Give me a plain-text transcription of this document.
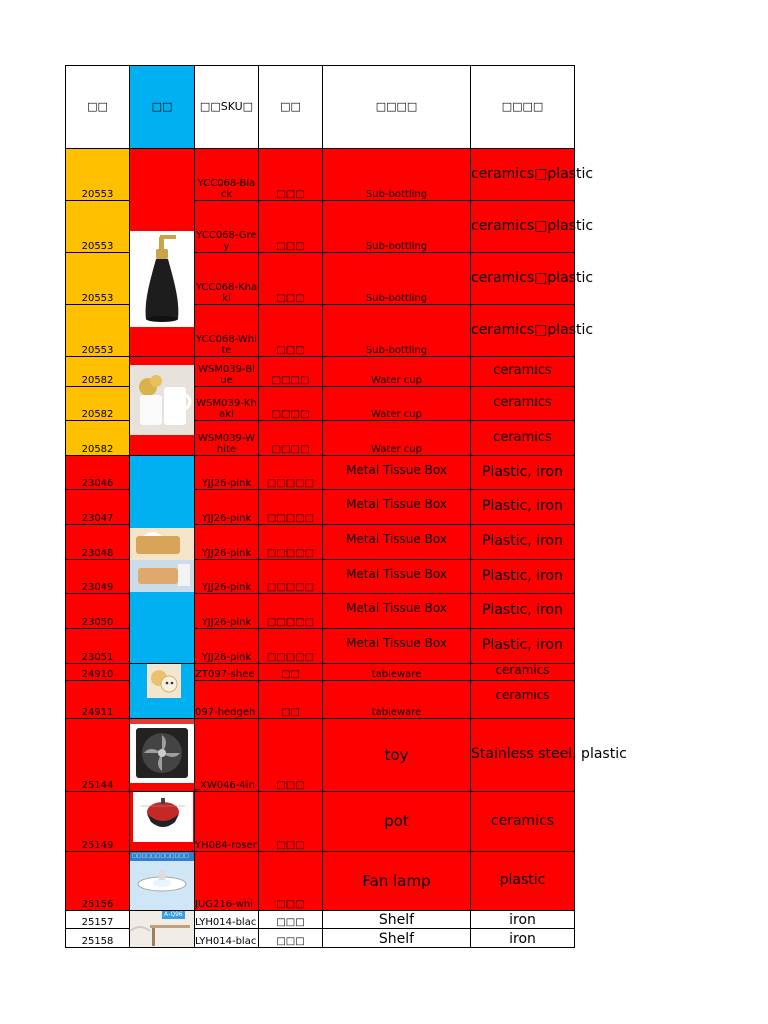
□□	□□	□□SKU□	□□	□□□□	□□□□
20553		YCC068-Black	□□□	Sub-bottling	ceramics□plastic
20553		YCC068-Grey	□□□	Sub-bottling	ceramics□plastic
20553		YCC068-Khaki	□□□	Sub-bottling	ceramics□plastic
20553		YCC068-White	□□□	Sub-bottling	ceramics□plastic
20582		WSM039-Blue	□□□□	Water cup	ceramics
20582		WSM039-Khaki	□□□□	Water cup	ceramics
20582		WSM039-White	□□□□	Water cup	ceramics
23046		YJJ26-pink	□□□□□	Metal Tissue Box	Plastic, iron
23047		YJJ26-pink	□□□□□	Metal Tissue Box	Plastic, iron
23048		YJJ26-pink	□□□□□	Metal Tissue Box	Plastic, iron
23049		YJJ26-pink	□□□□□	Metal Tissue Box	Plastic, iron
23050		YJJ26-pink	□□□□□	Metal Tissue Box	Plastic, iron
23051		YJJ26-pink	□□□□□	Metal Tissue Box	Plastic, iron
24910		ZT097-shee	□□	tableware	ceramics
24911		097-hedgeh	□□	tableware	ceramics
25144		_XW046-4in	□□□	toy	Stainless steel, plastic
25149		YH084-roser	□□□	pot	ceramics
25156	□□□□□□□□□□□□	JUG216-whi	□□□	Fan lamp	plastic
25157	A-Q96	LYH014-blac	□□□	Shelf	iron
25158		LYH014-blac	□□□	Shelf	iron
